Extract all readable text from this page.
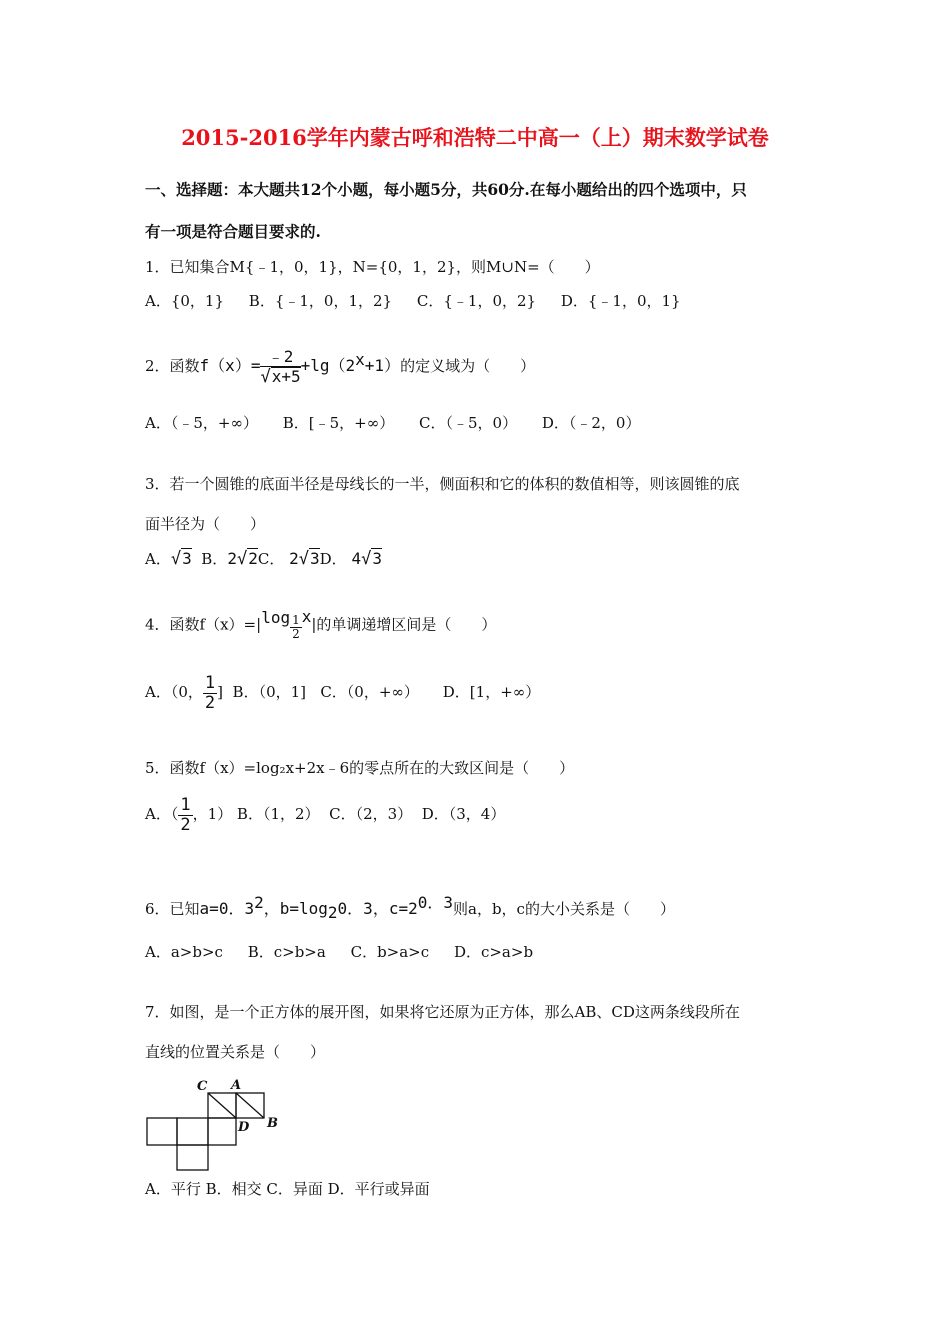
2015-2016学年内蒙古呼和浩特二中高一（上）期末数学试卷
一、选择题：本大题共12个小题，每小题5分，共60分.在每小题给出的四个选项中，只
有一项是符合题目要求的.
1．已知集合M{﹣1，0，1}，N={0，1，2}，则M∪N=（　　）
A．{0，1} B．{﹣1，0，1，2} C．{﹣1，0，2} D．{﹣1，0，1}
2．函数$f(x)= \frac{﹣2}{√x+5} +\lg(2^x+1)$的定义域为（　　）
A．（﹣5，+∞） B．[﹣5，+∞） C．（﹣5，0） D．（﹣2，0）
3．若一个圆锥的底面半径是母线长的一半，侧面积和它的体积的数值相等，则该圆锥的底
面半径为（　　）
A．√3 B．2√2C． 2√3D． 4√3
4．函数$f(x)=|\log \frac{1}{2} x|$的单调递增区间是（　　）
A．（0， $\frac{1}{2}$ ] B．（0，1] C．（0，+∞） D．[1，+∞）
5．函数f（x）=log₂x+2x﹣6的零点所在的大致区间是（　　）
A．（ $\frac{1}{2}$ ，1） B．（1，2） C．（2，3） D．（3，4）
6．已知a=0．$3^2$，$b=\log_20$．3，$c=2^{0.3}$则a，b，c的大小关系是（　　）
A．a>b>c B．c>b>a C．b>a>c D．c>a>b
7．如图，是一个正方体的展开图，如果将它还原为正方体，那么AB、CD这两条线段所在
直线的位置关系是（　　）
C A
D B
A．平行 B．相交 C．异面 D．平行或异面
